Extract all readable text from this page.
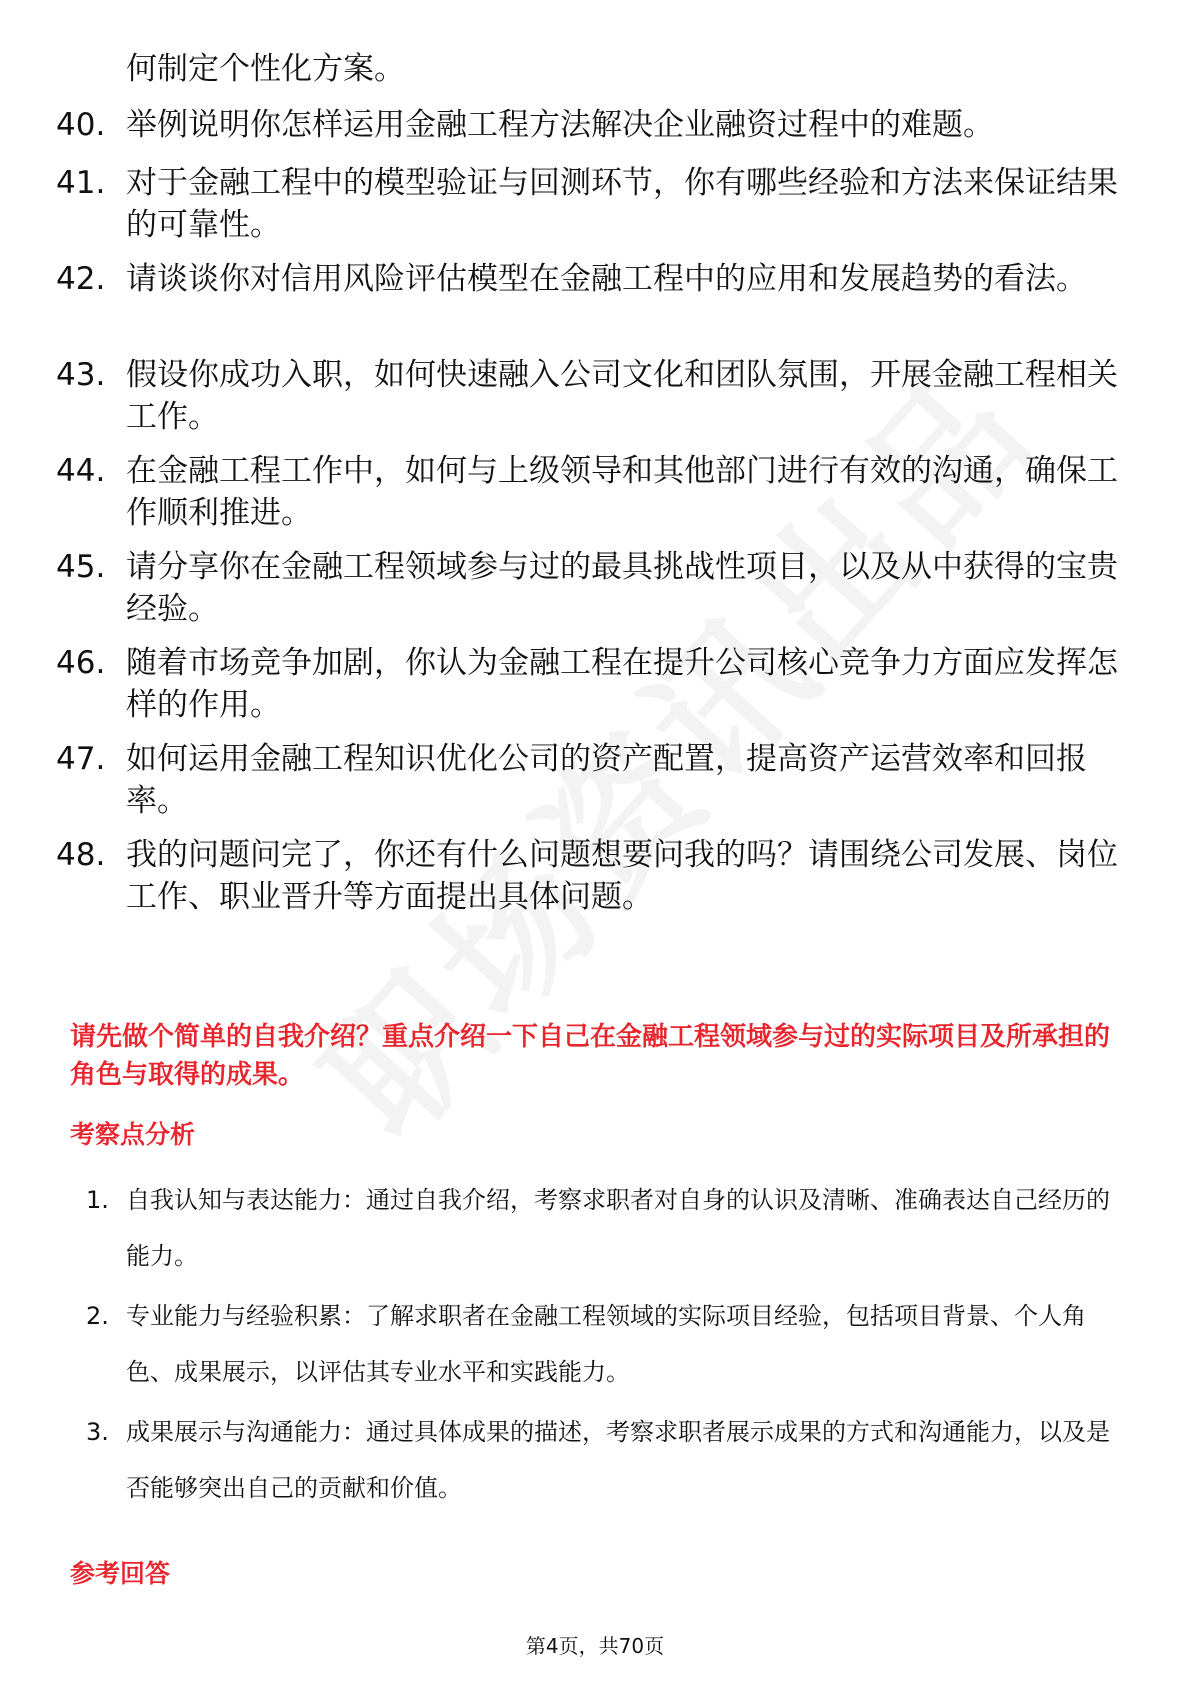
何制定个性化方案。
40. 举例说明你怎样运用金融工程方法解决企业融资过程中的难题。
41. 对于金融工程中的模型验证与回测环节，你有哪些经验和方法来保证结果的可靠性。
42. 请谈谈你对信用风险评估模型在金融工程中的应用和发展趋势的看法。
43. 假设你成功入职，如何快速融入公司文化和团队氛围，开展金融工程相关工作。
44. 在金融工程工作中，如何与上级领导和其他部门进行有效的沟通，确保工作顺利推进。
45. 请分享你在金融工程领域参与过的最具挑战性项目，以及从中获得的宝贵经验。
46. 随着市场竞争加剧，你认为金融工程在提升公司核心竞争力方面应发挥怎样的作用。
47. 如何运用金融工程知识优化公司的资产配置，提高资产运营效率和回报率。
48. 我的问题问完了，你还有什么问题想要问我的吗？请围绕公司发展、岗位工作、职业晋升等方面提出具体问题。
请先做个简单的自我介绍？重点介绍一下自己在金融工程领域参与过的实际项目及所承担的角色与取得的成果。
考察点分析
1. 自我认知与表达能力：通过自我介绍，考察求职者对自身的认识及清晰、准确表达自己经历的能力。
2. 专业能力与经验积累：了解求职者在金融工程领域的实际项目经验，包括项目背景、个人角色、成果展示，以评估其专业水平和实践能力。
3. 成果展示与沟通能力：通过具体成果的描述，考察求职者展示成果的方式和沟通能力，以及是否能够突出自己的贡献和价值。
参考回答
第4页，共70页
